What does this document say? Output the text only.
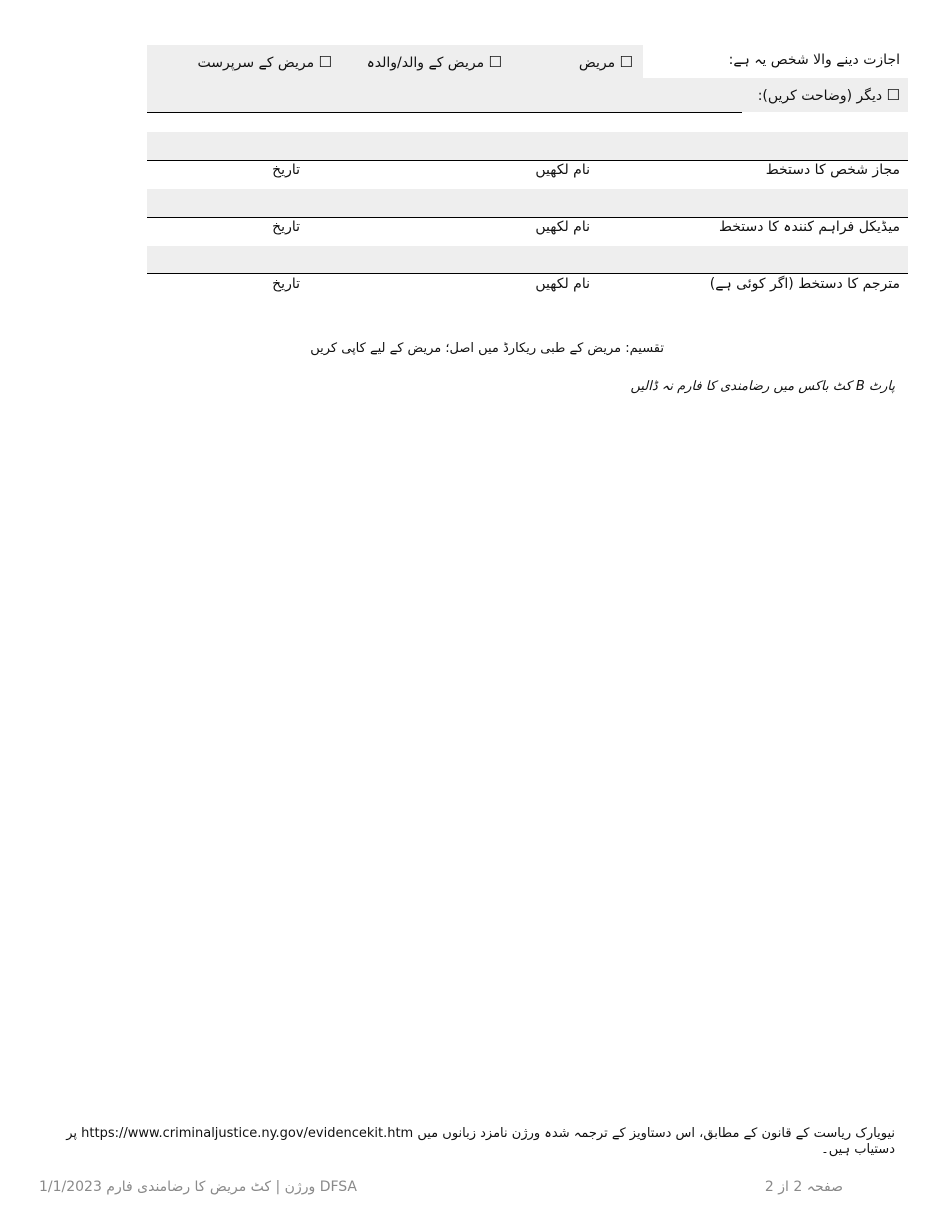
اجازت دینے والا شخص یہ ہے:
☐ مریض
☐ مریض کے والد/والدہ
☐ مریض کے سرپرست
☐ دیگر (وضاحت کریں):
مجاز شخص کا دستخط
نام لکھیں
تاریخ
میڈیکل فراہم کنندہ کا دستخط
نام لکھیں
تاریخ
مترجم کا دستخط (اگر کوئی ہے)
نام لکھیں
تاریخ
تقسیم: مریض کے طبی ریکارڈ میں اصل؛ مریض کے لیے کاپی کریں
پارٹ B کٹ باکس میں رضامندی کا فارم نہ ڈالیں
نیویارک ریاست کے قانون کے مطابق، اس دستاویز کے ترجمہ شدہ ورژن نامزد زبانوں میں https://www.criminaljustice.ny.gov/evidencekit.htm پر
دستیاب ہیں۔
صفحہ 2 از 2
DFSA ورژن | کٹ مریض کا رضامندی فارم 1/1/2023
